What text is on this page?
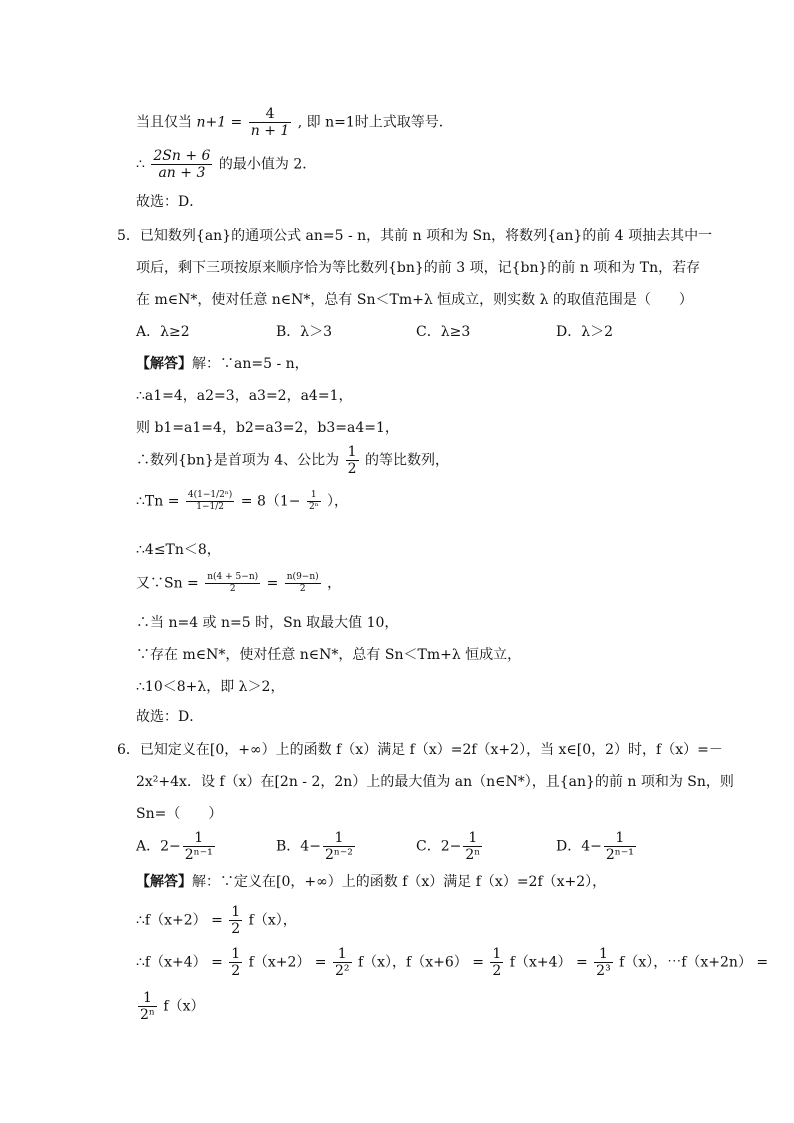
当且仅当 $n+1 = \frac{4}{n + 1}$ , 即 n=1时上式取等号．
∴ $\frac{2Sn + 6}{an + 3}$ 的最小值为 2．
故选：D．
5．已知数列{an}的通项公式 an=5 - n，其前 n 项和为 Sn，将数列{an}的前 4 项抽去其中一
项后，剩下三项按原来顺序恰为等比数列{bn}的前 3 项，记{bn}的前 n 项和为 Tn，若存
在 m∈N*，使对任意 n∈N*，总有 Sn＜Tm+λ 恒成立，则实数 λ 的取值范围是（　　）
A．λ≥2	B．λ＞3	C．λ≥3	D．λ＞2
【解答】解：∵an=5 - n，
∴a1=4，a2=3，a3=2，a4=1，
则 b1=a1=4，b2=a3=2，b3=a4=1，
∴数列{bn}是首项为 4、公比为 $\frac{1}{2}$ 的等比数列，
∴Tn = $\frac{\text{4(1−1/2ⁿ)}}{1-1/2} = 8(1- \frac{1}{\text{2ⁿ}}$ ），
∴4≤Tn＜8，
又∵Sn = $\frac{n(4 + 5-n)}{2} = \frac{n(9-n)}{2}$ ，
∴当 n=4 或 n=5 时，Sn 取最大值 10，
∵存在 m∈N*，使对任意 n∈N*，总有 Sn＜Tm+λ 恒成立，
∴10＜8+λ，即 λ＞2，
故选：D．
6．已知定义在[0，+∞）上的函数 f（x）满足 f（x）=2f（x+2），当 x∈[0，2）时，f（x）=－
2x²+4x．设 f（x）在[2n - 2，2n）上的最大值为 an（n∈N*），且{an}的前 n 项和为 Sn，则
Sn=（　　）
A．$2- \frac{1}{\text{2ⁿ⁻¹}}$	B．$4- \frac{1}{\text{2ⁿ⁻²}}$	C．$2- \frac{1}{\text{2ⁿ}}$	D．$4- \frac{1}{\text{2ⁿ⁻¹}}$
【解答】解：∵定义在[0，+∞）上的函数 f（x）满足 f（x）=2f（x+2），
∴f（x+2） = $\frac{1}{2} f(x)$，
∴f（x+4） = $\frac{1}{2} f(x+2) = \frac{1}{\text{2²}} f(x)$，$f(x+6) = \frac{1}{2} f(x+4) = \frac{1}{\text{2³}} f(x)$，⋯f（x+2n） =
$\frac{1}{\text{2ⁿ}} f(x)$
